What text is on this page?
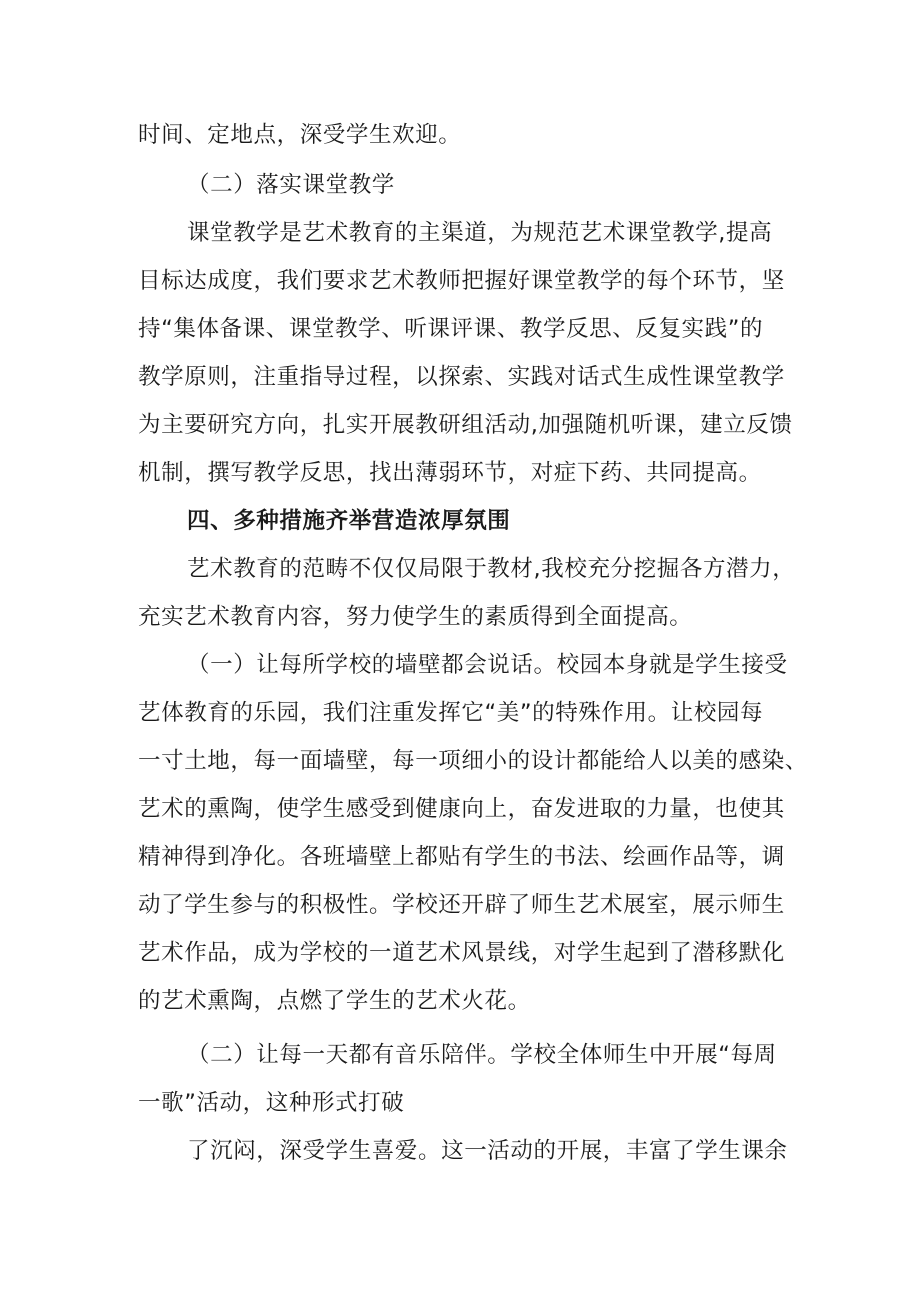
时间、定地点，深受学生欢迎。

（二）落实课堂教学

课堂教学是艺术教育的主渠道，为规范艺术课堂教学,提高

目标达成度，我们要求艺术教师把握好课堂教学的每个环节，坚

持“集体备课、课堂教学、听课评课、教学反思、反复实践”的

教学原则，注重指导过程，以探索、实践对话式生成性课堂教学

为主要研究方向，扎实开展教研组活动,加强随机听课，建立反馈

机制，撰写教学反思，找出薄弱环节，对症下药、共同提高。

四、多种措施齐举营造浓厚氛围

艺术教育的范畴不仅仅局限于教材,我校充分挖掘各方潜力，

充实艺术教育内容，努力使学生的素质得到全面提高。

（一）让每所学校的墙壁都会说话。校园本身就是学生接受

艺体教育的乐园，我们注重发挥它“美”的特殊作用。让校园每

一寸土地，每一面墙壁，每一项细小的设计都能给人以美的感染、

艺术的熏陶，使学生感受到健康向上，奋发进取的力量，也使其

精神得到净化。各班墙壁上都贴有学生的书法、绘画作品等，调

动了学生参与的积极性。学校还开辟了师生艺术展室，展示师生

艺术作品，成为学校的一道艺术风景线，对学生起到了潜移默化

的艺术熏陶，点燃了学生的艺术火花。

（二）让每一天都有音乐陪伴。学校全体师生中开展“每周

一歌”活动，这种形式打破

了沉闷，深受学生喜爱。这一活动的开展，丰富了学生课余
